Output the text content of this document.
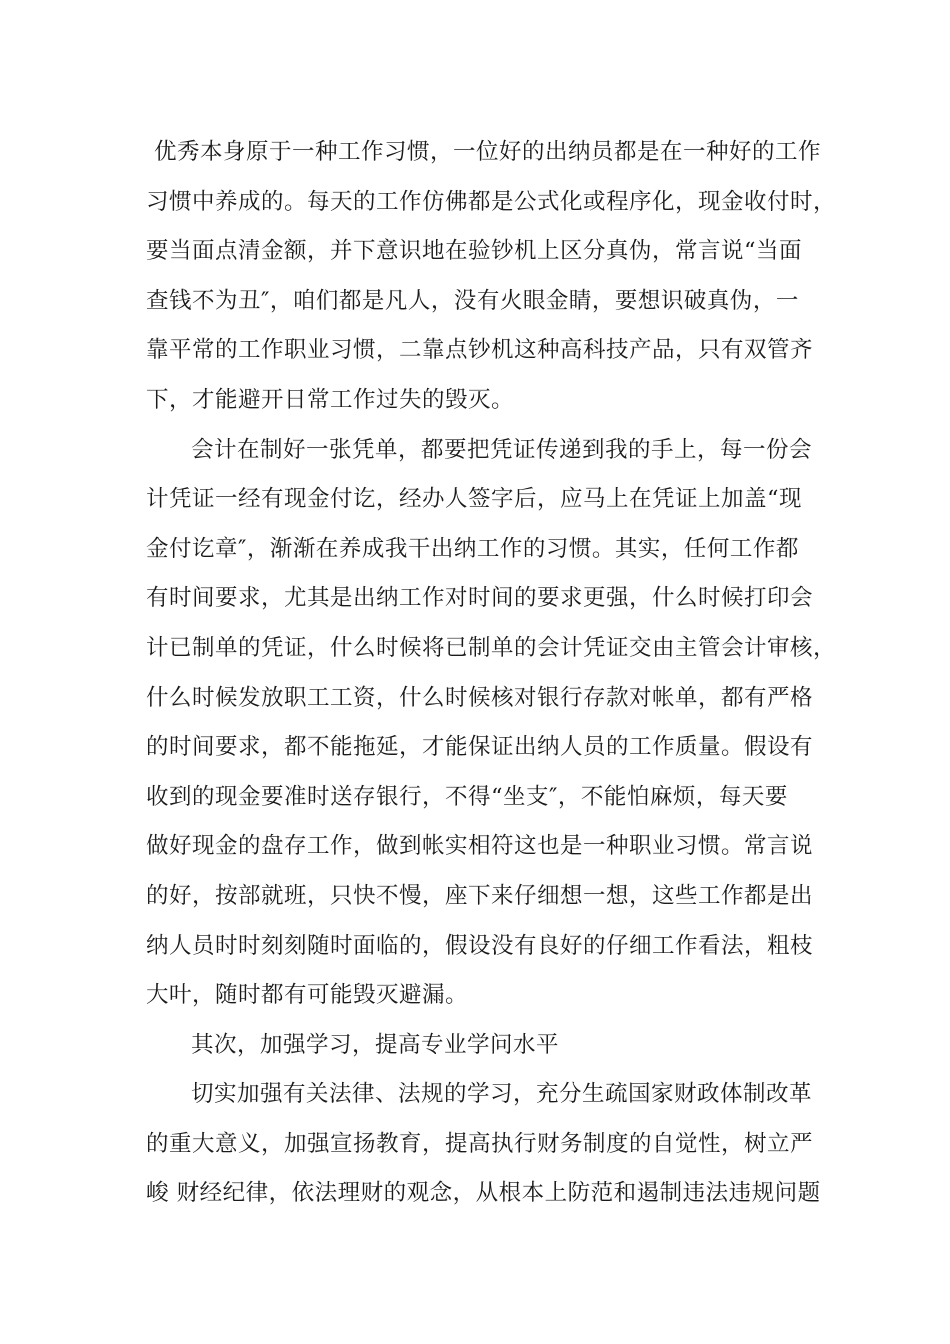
优秀本身原于一种工作习惯，一位好的出纳员都是在一种好的工作
习惯中养成的。每天的工作仿佛都是公式化或程序化，现金收付时，
要当面点清金额，并下意识地在验钞机上区分真伪，常言说“当面
查钱不为丑″，咱们都是凡人，没有火眼金睛，要想识破真伪，一
靠平常的工作职业习惯，二靠点钞机这种高科技产品，只有双管齐
下，才能避开日常工作过失的毁灭。
会计在制好一张凭单，都要把凭证传递到我的手上，每一份会
计凭证一经有现金付讫，经办人签字后，应马上在凭证上加盖“现
金付讫章″，渐渐在养成我干出纳工作的习惯。其实，任何工作都
有时间要求，尤其是出纳工作对时间的要求更强，什么时候打印会
计已制单的凭证，什么时候将已制单的会计凭证交由主管会计审核，
什么时候发放职工工资，什么时候核对银行存款对帐单，都有严格
的时间要求，都不能拖延，才能保证出纳人员的工作质量。假设有
收到的现金要准时送存银行，不得“坐支″，不能怕麻烦，每天要
做好现金的盘存工作，做到帐实相符这也是一种职业习惯。常言说
的好，按部就班，只快不慢，座下来仔细想一想，这些工作都是出
纳人员时时刻刻随时面临的，假设没有良好的仔细工作看法，粗枝
大叶，随时都有可能毁灭避漏。
其次，加强学习，提高专业学问水平
切实加强有关法律、法规的学习，充分生疏国家财政体制改革
的重大意义，加强宣扬教育，提高执行财务制度的自觉性，树立严
峻 财经纪律，依法理财的观念，从根本上防范和遏制违法违规问题
